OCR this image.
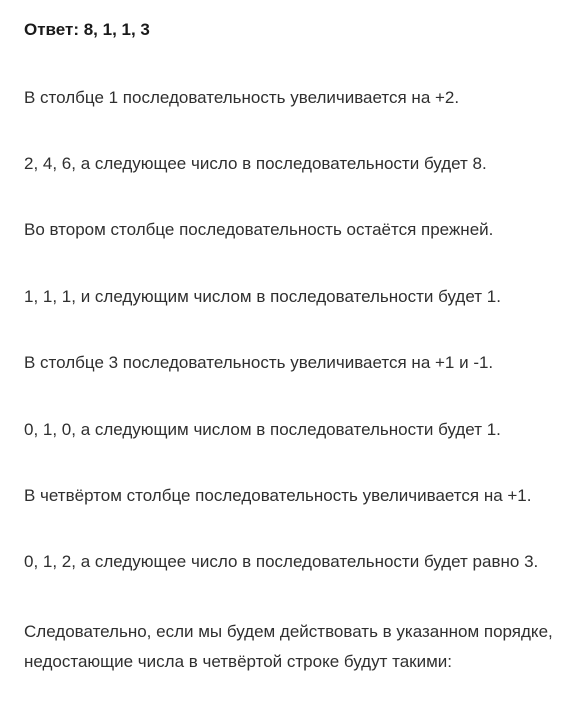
Ответ: 8, 1, 1, 3
В столбце 1 последовательность увеличивается на +2.
2, 4, 6, а следующее число в последовательности будет 8.
Во втором столбце последовательность остаётся прежней.
1, 1, 1, и следующим числом в последовательности будет 1.
В столбце 3 последовательность увеличивается на +1 и -1.
0, 1, 0, а следующим числом в последовательности будет 1.
В четвёртом столбце последовательность увеличивается на +1.
0, 1, 2, а следующее число в последовательности будет равно 3.
Следовательно, если мы будем действовать в указанном порядке,
недостающие числа в четвёртой строке будут такими:
